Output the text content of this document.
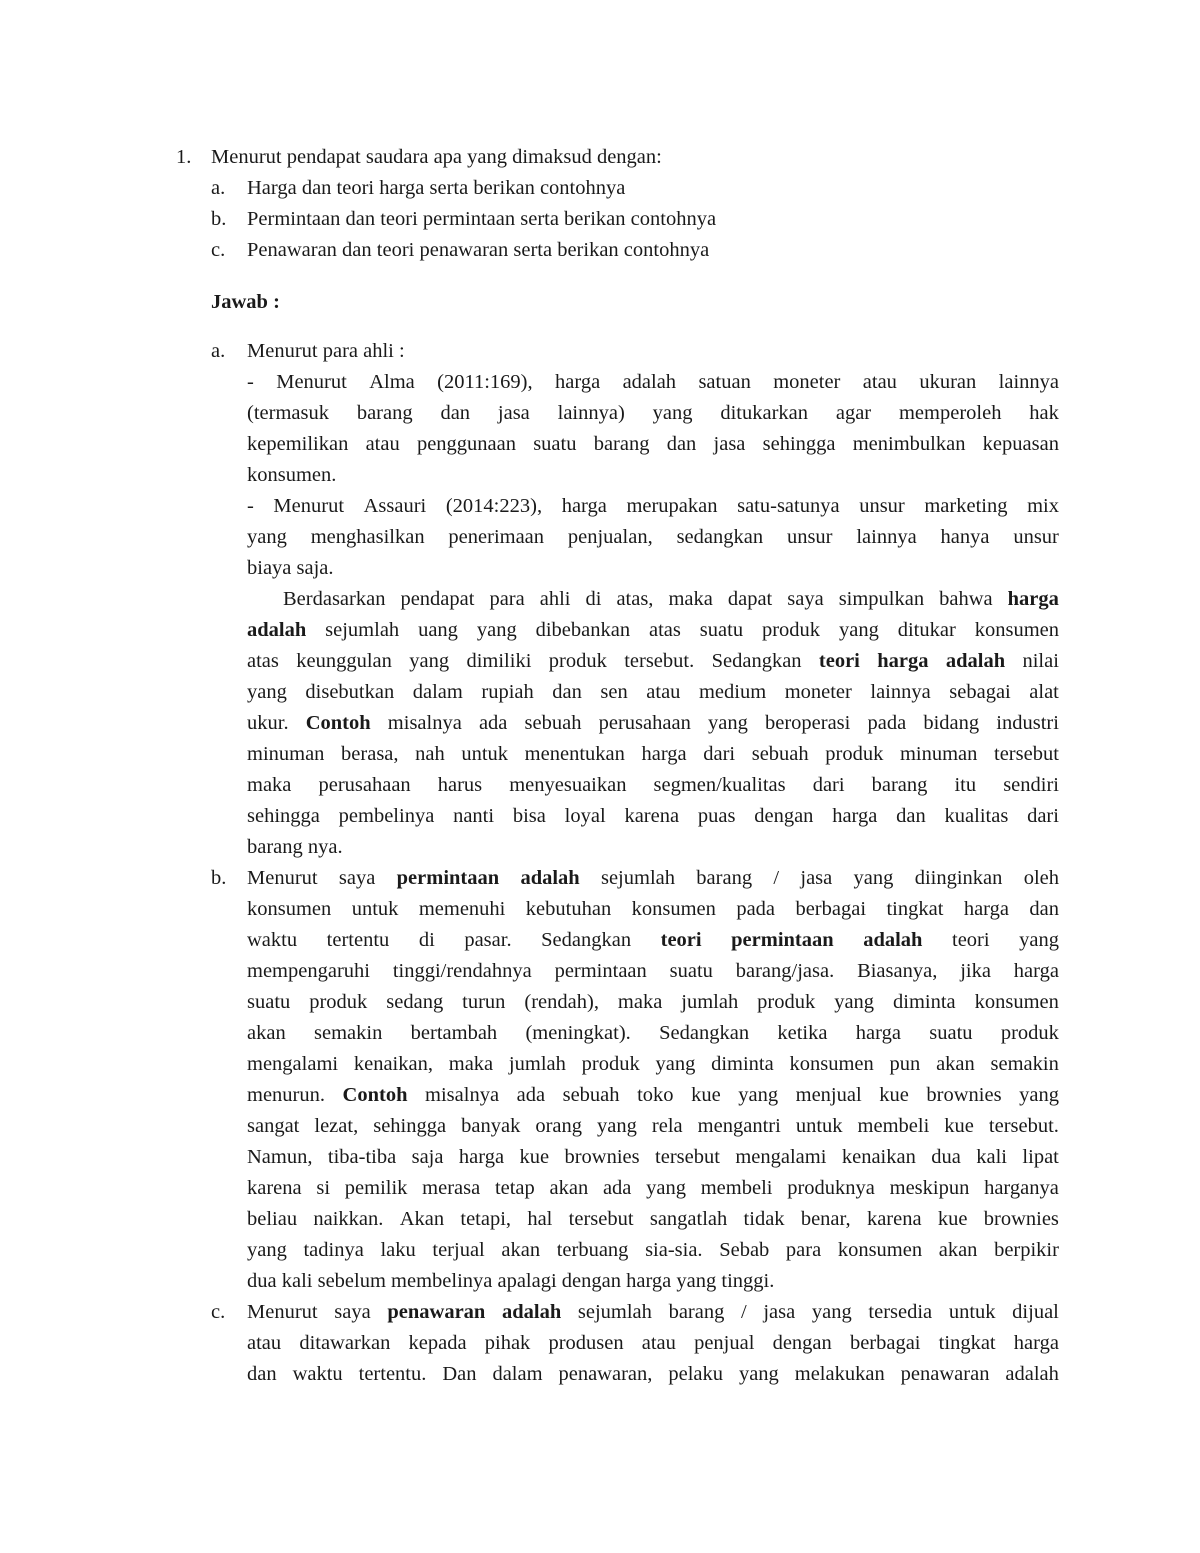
1. Menurut pendapat saudara apa yang dimaksud dengan:
a. Harga dan teori harga serta berikan contohnya
b. Permintaan dan teori permintaan serta berikan contohnya
c. Penawaran dan teori penawaran serta berikan contohnya
Jawab :
a. Menurut para ahli :
- Menurut Alma (2011:169), harga adalah satuan moneter atau ukuran lainnya
(termasuk barang dan jasa lainnya) yang ditukarkan agar memperoleh hak
kepemilikan atau penggunaan suatu barang dan jasa sehingga menimbulkan kepuasan
konsumen.
- Menurut Assauri (2014:223), harga merupakan satu-satunya unsur marketing mix
yang menghasilkan penerimaan penjualan, sedangkan unsur lainnya hanya unsur
biaya saja.
Berdasarkan pendapat para ahli di atas, maka dapat saya simpulkan bahwa harga
adalah sejumlah uang yang dibebankan atas suatu produk yang ditukar konsumen
atas keunggulan yang dimiliki produk tersebut. Sedangkan teori harga adalah nilai
yang disebutkan dalam rupiah dan sen atau medium moneter lainnya sebagai alat
ukur. Contoh misalnya ada sebuah perusahaan yang beroperasi pada bidang industri
minuman berasa, nah untuk menentukan harga dari sebuah produk minuman tersebut
maka perusahaan harus menyesuaikan segmen/kualitas dari barang itu sendiri
sehingga pembelinya nanti bisa loyal karena puas dengan harga dan kualitas dari
barang nya.
b. Menurut saya permintaan adalah sejumlah barang / jasa yang diinginkan oleh
konsumen untuk memenuhi kebutuhan konsumen pada berbagai tingkat harga dan
waktu tertentu di pasar. Sedangkan teori permintaan adalah teori yang
mempengaruhi tinggi/rendahnya permintaan suatu barang/jasa. Biasanya, jika harga
suatu produk sedang turun (rendah), maka jumlah produk yang diminta konsumen
akan semakin bertambah (meningkat). Sedangkan ketika harga suatu produk
mengalami kenaikan, maka jumlah produk yang diminta konsumen pun akan semakin
menurun. Contoh misalnya ada sebuah toko kue yang menjual kue brownies yang
sangat lezat, sehingga banyak orang yang rela mengantri untuk membeli kue tersebut.
Namun, tiba-tiba saja harga kue brownies tersebut mengalami kenaikan dua kali lipat
karena si pemilik merasa tetap akan ada yang membeli produknya meskipun harganya
beliau naikkan. Akan tetapi, hal tersebut sangatlah tidak benar, karena kue brownies
yang tadinya laku terjual akan terbuang sia-sia. Sebab para konsumen akan berpikir
dua kali sebelum membelinya apalagi dengan harga yang tinggi.
c. Menurut saya penawaran adalah sejumlah barang / jasa yang tersedia untuk dijual
atau ditawarkan kepada pihak produsen atau penjual dengan berbagai tingkat harga
dan waktu tertentu. Dan dalam penawaran, pelaku yang melakukan penawaran adalah
